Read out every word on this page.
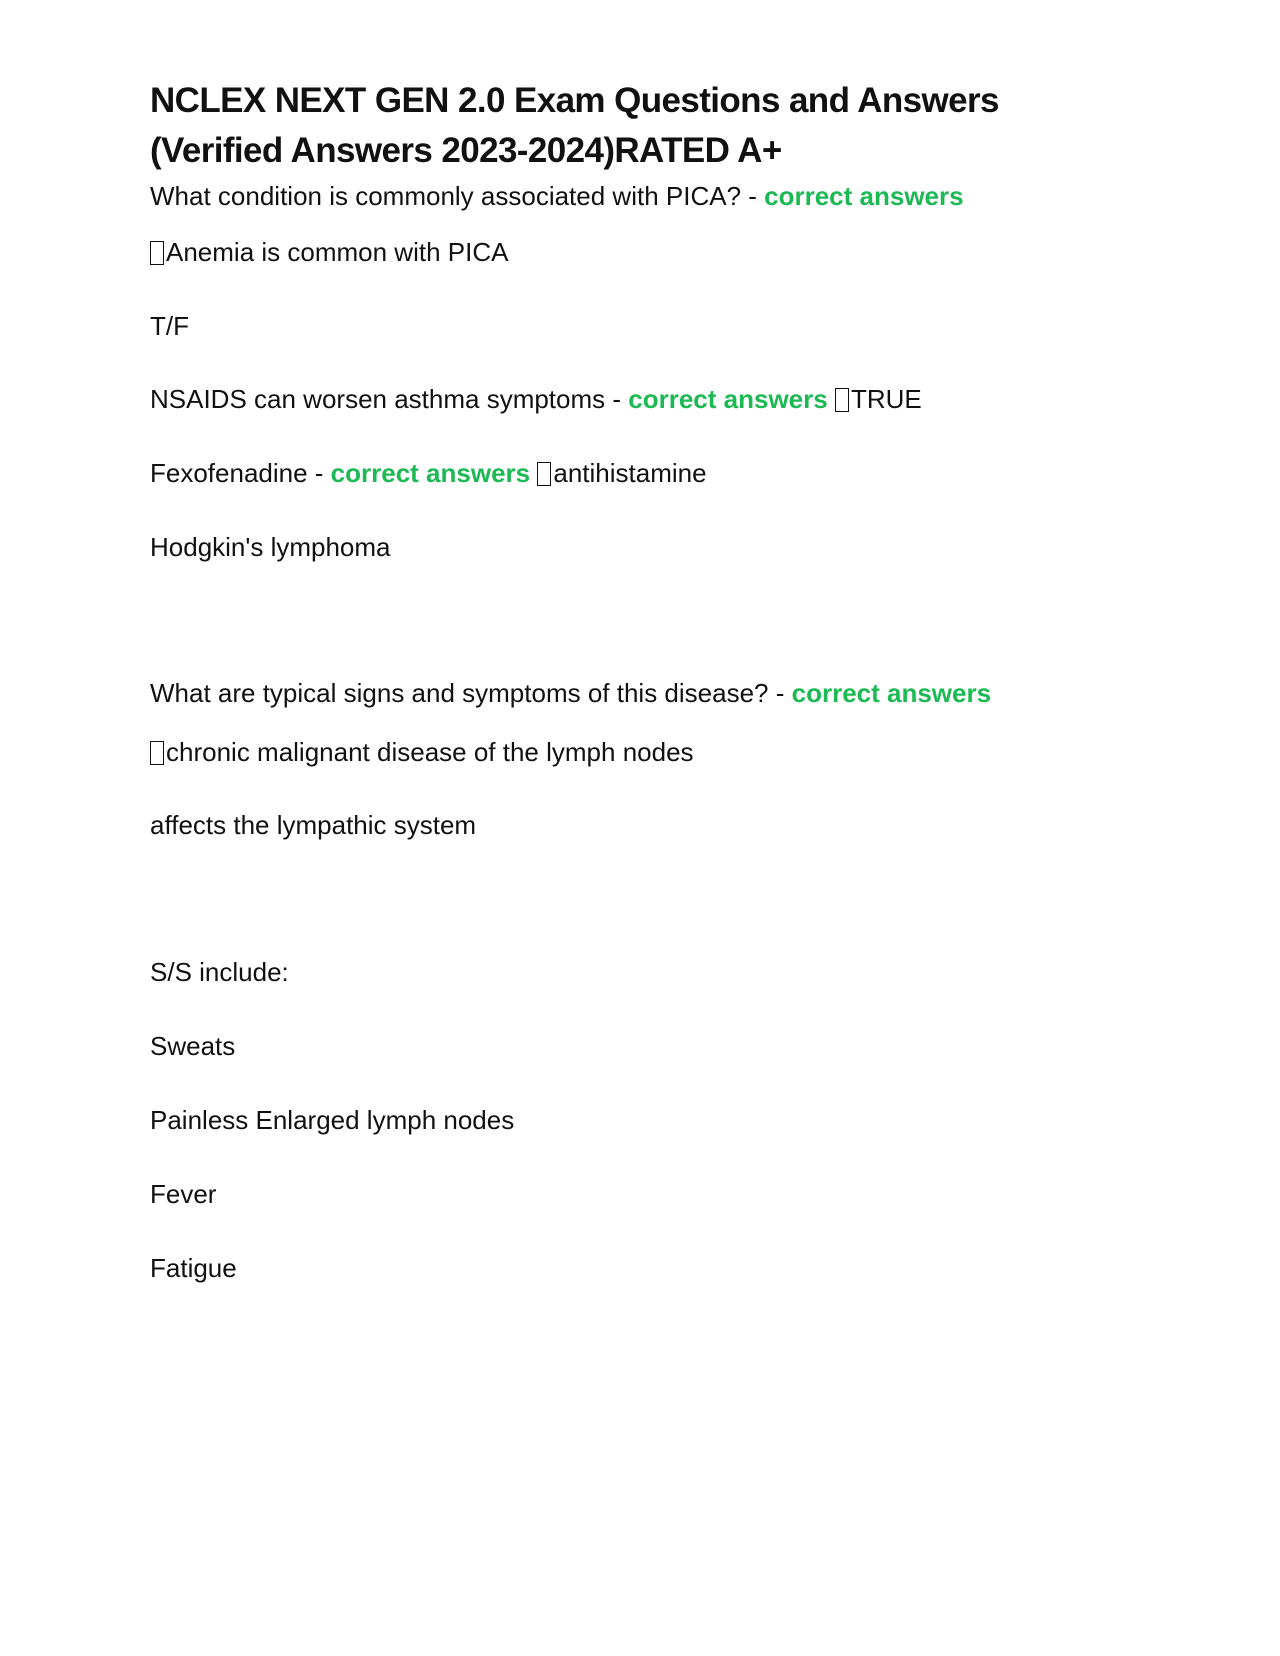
NCLEX NEXT GEN 2.0 Exam Questions and Answers
(Verified Answers 2023-2024)RATED A+
What condition is commonly associated with PICA? - correct answers
Anemia is common with PICA
T/F
NSAIDS can worsen asthma symptoms - correct answers TRUE
Fexofenadine - correct answers antihistamine
Hodgkin's lymphoma
What are typical signs and symptoms of this disease? - correct answers
chronic malignant disease of the lymph nodes
affects the lympathic system
S/S include:
Sweats
Painless Enlarged lymph nodes
Fever
Fatigue
